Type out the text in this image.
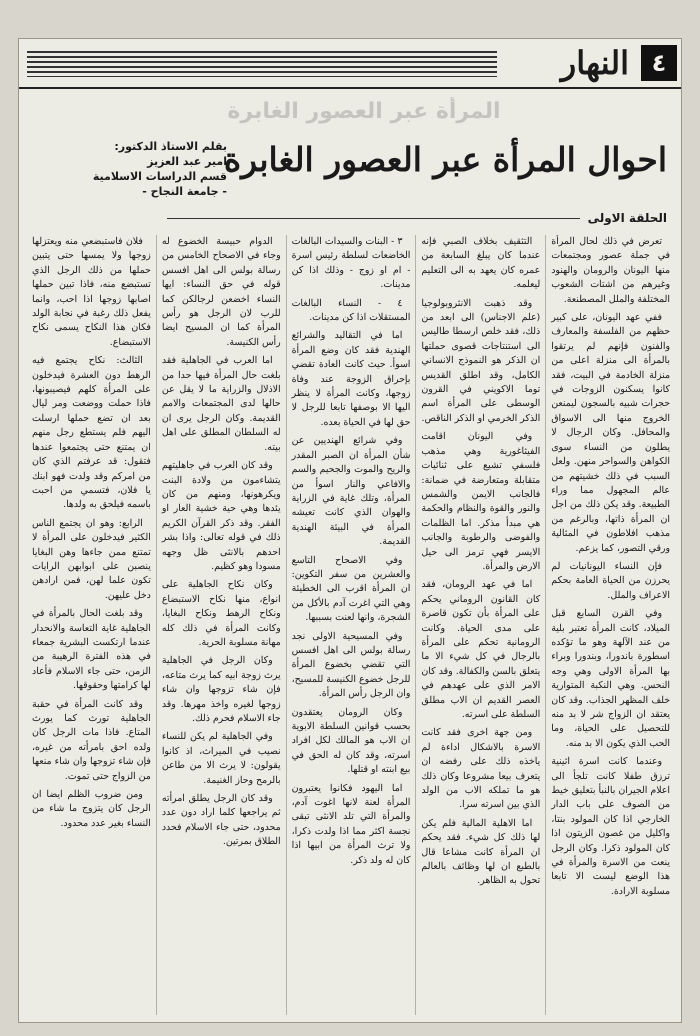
النهار ٤
المرأة عبر العصور الغابرة
احوال المرأة عبر العصور الغابرة
بقلم الاستاذ الدكتور:
امير عبد العزيز
قسم الدراسات الاسلامية
- جامعة النجاح -
الحلقة الاولى

تعرض في ذلك لحال المرأة في جملة عصور ومجتمعات منها اليونان والرومان والهنود وغيرهم من اشتات الشعوب المختلفة والملل المصطنعة.

ففي عهد اليونان، على كبير حظهم من الفلسفة والمعارف والفنون فإنهم لم يرتقوا بالمرأة الى منزلة اعلى من منزلة الخادمة في البيت، فقد كانوا يسكنون الزوجات في حجرات شبيه بالسجون ليمنعن الخروج منها الى الاسواق والمحافل. وكان الرجال لا يطلون من النساء سوى الكواهن والسواحر منهن. ولعل السبب في ذلك خشيتهم من عالم المجهول مما وراء الطبيعة. وقد يكن ذلك من اجل ان المرأة ذاتها، وبالرغم من مذهب افلاطون في المثالية ورقي التصور، كما يزعم.

فإن النساء اليونانيات لم يحرزن من الحياة العامة بحكم الاعراف والملل.

وفي القرن السابع قبل الميلاد، كانت المرأة تعتبر بلية من عند الآلهة وهو ما تؤكده اسطورة باندورا، وبندورا وبراء بها المرأة الاولى وهي وجه النحس. وهي النكبة المتوارية خلف المظهر الجذاب. وقد كان يعتقد ان الزواج شر لا بد منه للتحصيل على الحياة، وما الحب الذي يكون الا بد منه.

وعندما كانت اسرة اثينية ترزق طفلا كانت تلجأ الى اعلام الجيران بالنبأ بتعليق خيط من الصوف على باب الدار الخارجي اذا كان المولود بنتا، واكليل من غصون الزيتون اذا كان المولود ذكرا. وكان الرجل ينعت من الاسرة والمرأة في هذا الوضع ليست الا تابعا مسلوبة الارادة.

التثقيف بخلاف الصبي فإنه عندما كان يبلغ السابعة من عمره كان يعهد به الى التعليم ليعلمه.

وقد ذهبت الانثروبولوجيا (علم الاجناس) الى ابعد من ذلك، فقد خلص ارسطا طاليس الى استنتاجات قصوى حملتها ان الذكر هو النموذج الانساني الكامل، وقد اطلق القديس توما الاكويني في القرون الوسطى على المرأة اسم الذكر الخرمي او الذكر الناقص.

وفي اليونان اقامت الفيثاغورية وهي مذهب فلسفي تشيع على ثنائيات متقابلة ومتعارضة في ضمانة: فالجانب الايمن والشمس والنور والقوة والنظام والحكمة هي مبدأ مذكر. اما الظلمات والفوضى والرطوبة والجانب الايسر فهي ترمز الى حيل الارض والمرأة.

اما في عهد الرومان، فقد كان القانون الروماني يحكم على المرأة بأن تكون قاصرة على مدى الحياة. وكانت الرومانية تحكم على المرأة بالرجال في كل شيء الا ما يتعلق بالسن والكفالة. وقد كان الامر الذي على عهدهم في العصر القديم ان الاب مطلق السلطة على اسرته.

ومن جهة اخرى فقد كانت الاسرة بالاشكال اداءة لم ياخذه ذلك على رفضه ان يتعرف بيعا مشروعا وكان ذلك هو ما تملكه الاب من الولد الذي بين اسرته سرا.

اما الاهلية المالية فلم يكن لها ذلك كل شيء. فقد يحكم ان المرأة كانت مشاعا قال بالطبع ان لها وظائف بالعالم تحول به الظاهر.

٣ - البنات والسيدات البالغات الخاضعات لسلطة رئيس اسرة - ام او زوج - وذلك اذا كن مدينات.

٤ - النساء البالغات المستقلات اذا كن مدينات.

اما في التقاليد والشرائع الهندية فقد كان وضع المرأة اسوأ. حيث كانت العادة تقضي بإحراق الزوجة عند وفاة زوجها، وكانت المرأة لا ينظر اليها الا بوصفها تابعا للرجل لا حق لها في الحياة بعده.

وفي شرائع الهنديين عن شأن المرأة ان الصبر المقدر والريح والموت والجحيم والسم والافاعي والنار اسوأ من المرأة، وتلك غاية في الزراية والهوان الذي كانت تعيشه المرأة في البيئة الهندية القديمة.

وفي الاصحاح التاسع والعشرين من سفر التكوين: ان المرأة اقرب الى الخطيئة وهي التي اغرت آدم بالأكل من الشجرة، وانها لعنت بسببها.

وفي المسيحية الاولى نجد رسالة بولس الى اهل افسس التي تقضي بخضوع المرأة للرجل خضوع الكنيسة للمسيح، وان الرجل رأس المرأة.

وكان الرومان يعتقدون بحسب قوانين السلطة الابوية ان الاب هو المالك لكل افراد اسرته، وقد كان له الحق في بيع ابنته او قتلها.

اما اليهود فكانوا يعتبرون المرأة لعنة لانها اغوت آدم، والمرأة التي تلد الانثى تبقى نجسة اكثر مما اذا ولدت ذكرا، ولا ترث المرأة من ابيها اذا كان له ولد ذكر.

الدوام حبيسة الخضوع له وجاء في الاصحاح الخامس من رسالة بولس الى اهل افسس قوله في حق النساء: ايها النساء اخضعن لرجالكن كما للرب لان الرجل هو رأس المرأة كما ان المسيح ايضا رأس الكنيسة.

اما العرب في الجاهلية فقد بلغت حال المرأة فيها حدا من الاذلال والزراية ما لا يقل عن حالها لدى المجتمعات والامم القديمة. وكان الرجل يرى ان له السلطان المطلق على اهل بيته.

وقد كان العرب في جاهليتهم يتشاءمون من ولادة البنت ويكرهونها، ومنهم من كان يئدها وهي حية خشية العار او الفقر. وقد ذكر القرآن الكريم ذلك في قوله تعالى: واذا بشر احدهم بالانثى ظل وجهه مسودا وهو كظيم.

وكان نكاح الجاهلية على انواع، منها نكاح الاستبضاع ونكاح الرهط ونكاح البغايا، وكانت المرأة في ذلك كله مهانة مسلوبة الحرية.

وكان الرجل في الجاهلية يرث زوجة ابيه كما يرث متاعه، فإن شاء تزوجها وان شاء زوجها لغيره واخذ مهرها. وقد جاء الاسلام فحرم ذلك.

وفي الجاهلية لم يكن للنساء نصيب في الميراث، اذ كانوا يقولون: لا يرث الا من طاعن بالرمح وحاز الغنيمة.

وقد كان الرجل يطلق امرأته ثم يراجعها كلما اراد دون عدد محدود، حتى جاء الاسلام فحدد الطلاق بمرتين.

فلان فاستبضعي منه ويعتزلها زوجها ولا يمسها حتى يتبين حملها من ذلك الرجل الذي تستبضع منه، فاذا تبين حملها اصابها زوجها اذا احب، وانما يفعل ذلك رغبة في نجابة الولد فكان هذا النكاح يسمى نكاح الاستبضاع.

الثالث: نكاح يجتمع فيه الرهط دون العشرة فيدخلون على المرأة كلهم فيصيبونها، فاذا حملت ووضعت ومر ليال بعد ان تضع حملها ارسلت اليهم فلم يستطع رجل منهم ان يمتنع حتى يجتمعوا عندها فتقول: قد عرفتم الذي كان من امركم وقد ولدت فهو ابنك يا فلان، فتسمي من احبت باسمه فيلحق به ولدها.

الرابع: وهو ان يجتمع الناس الكثير فيدخلون على المرأة لا تمتنع ممن جاءها وهن البغايا ينصبن على ابوابهن الرايات تكون علما لهن، فمن ارادهن دخل عليهن.

وقد بلغت الحال بالمرأة في الجاهلية غاية التعاسة والانحدار عندما ارتكست البشرية جمعاء في هذه الفترة الرهيبة من الزمن، حتى جاء الاسلام فأعاد لها كرامتها وحقوقها.

وقد كانت المرأة في حقبة الجاهلية تورث كما يورث المتاع. فاذا مات الرجل كان ولده احق بامرأته من غيره، فإن شاء تزوجها وان شاء منعها من الزواج حتى تموت.

ومن ضروب الظلم ايضا ان الرجل كان يتزوج ما شاء من النساء بغير عدد محدود.
